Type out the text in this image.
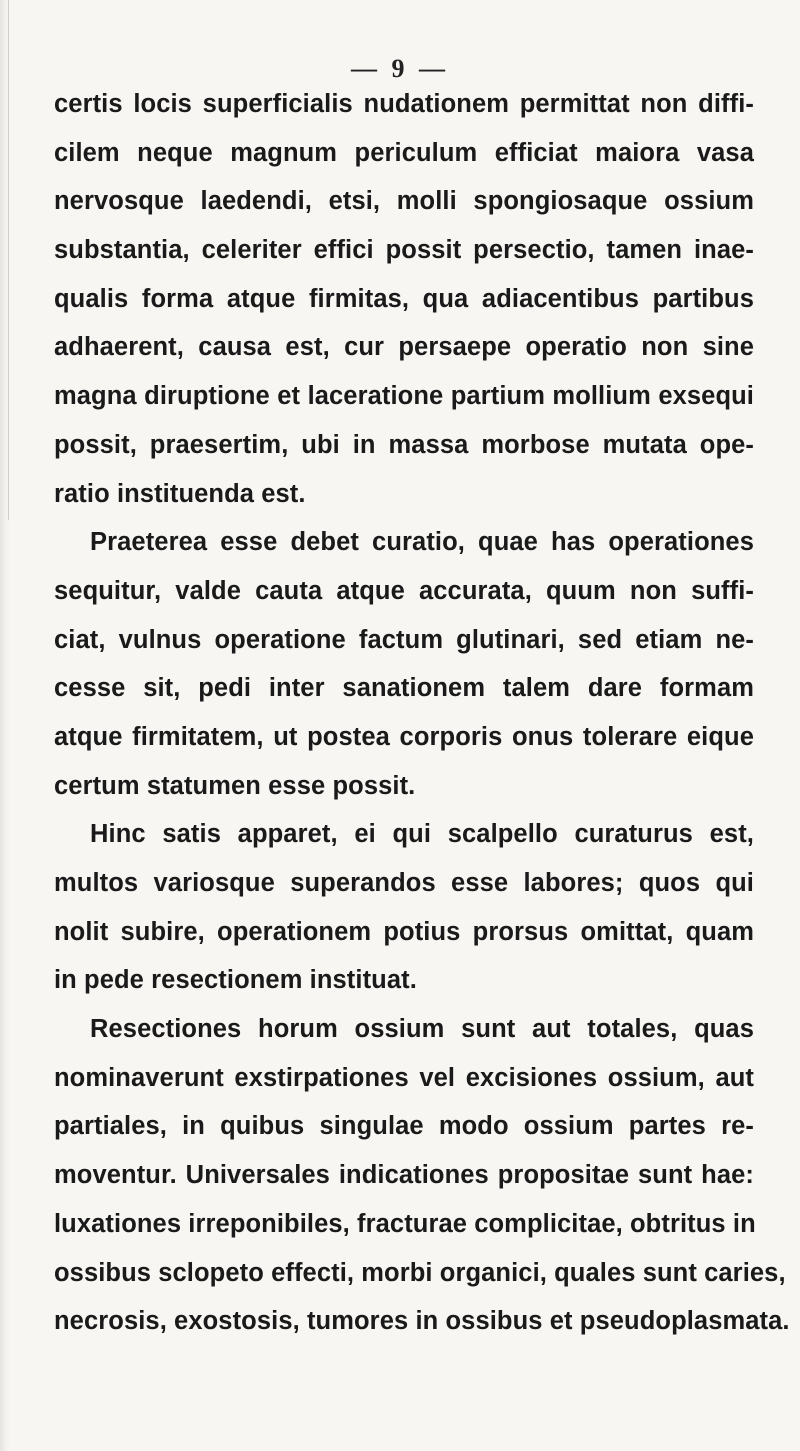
— 9 —
certis locis superficialis nudationem permittat non diffi-
cilem neque magnum periculum efficiat maiora vasa
nervosque laedendi, etsi, molli spongiosaque ossium
substantia, celeriter effici possit persectio, tamen inae-
qualis forma atque firmitas, qua adiacentibus partibus
adhaerent, causa est, cur persaepe operatio non sine
magna diruptione et laceratione partium mollium exsequi
possit, praesertim, ubi in massa morbose mutata ope-
ratio instituenda est.
Praeterea esse debet curatio, quae has operationes
sequitur, valde cauta atque accurata, quum non suffi-
ciat, vulnus operatione factum glutinari, sed etiam ne-
cesse sit, pedi inter sanationem talem dare formam
atque firmitatem, ut postea corporis onus tolerare eique
certum statumen esse possit.
Hinc satis apparet, ei qui scalpello curaturus est,
multos variosque superandos esse labores; quos qui
nolit subire, operationem potius prorsus omittat, quam
in pede resectionem instituat.
Resectiones horum ossium sunt aut totales, quas
nominaverunt exstirpationes vel excisiones ossium, aut
partiales, in quibus singulae modo ossium partes re-
moventur. Universales indicationes propositae sunt hae:
luxationes irreponibiles, fracturae complicitae, obtritus in
ossibus sclopeto effecti, morbi organici, quales sunt caries,
necrosis, exostosis, tumores in ossibus et pseudoplasmata.
